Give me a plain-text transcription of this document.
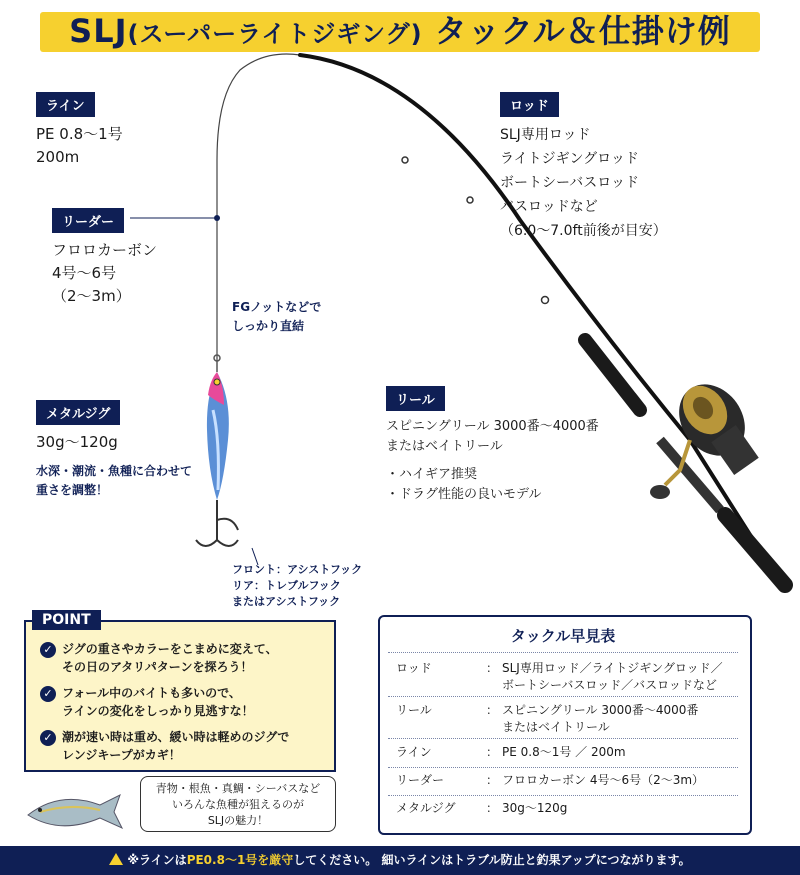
SLJ(スーパーライトジギング) タックル＆仕掛け例
ライン
PE 0.8～1号
200m
リーダー
フロロカーボン
4号～6号
（2～3m）
FGノットなどで
しっかり直結
メタルジグ
30g～120g
水深・潮流・魚種に合わせて
重さを調整！
フロント：アシストフック
リア：トレブルフック
またはアシストフック
ロッド
SLJ専用ロッド
ライトジギングロッド
ボートシーバスロッド
バスロッドなど
（6.0～7.0ft前後が目安）
リール
スピニングリール 3000番～4000番
またはベイトリール
・ハイギア推奨
・ドラグ性能の良いモデル
POINT
✓ ジグの重さやカラーをこまめに変えて、
その日のアタリパターンを探ろう！
✓ フォール中のバイトも多いので、
ラインの変化をしっかり見逃すな！
✓ 潮が速い時は重め、緩い時は軽めのジグで
レンジキープがカギ！
青物・根魚・真鯛・シーバスなど
いろんな魚種が狙えるのが
SLJの魅力！
タックル早見表
ロッド	： SLJ専用ロッド／ライトジギングロッド／
ボートシーバスロッド／バスロッドなど
リール	： スピニングリール 3000番～4000番
またはベイトリール
ライン	： PE 0.8～1号 ／ 200m
リーダー	： フロロカーボン 4号～6号（2～3m）
メタルジグ	： 30g～120g
※ラインはPE0.8～1号を厳守してください。 細いラインはトラブル防止と釣果アップにつながります。
